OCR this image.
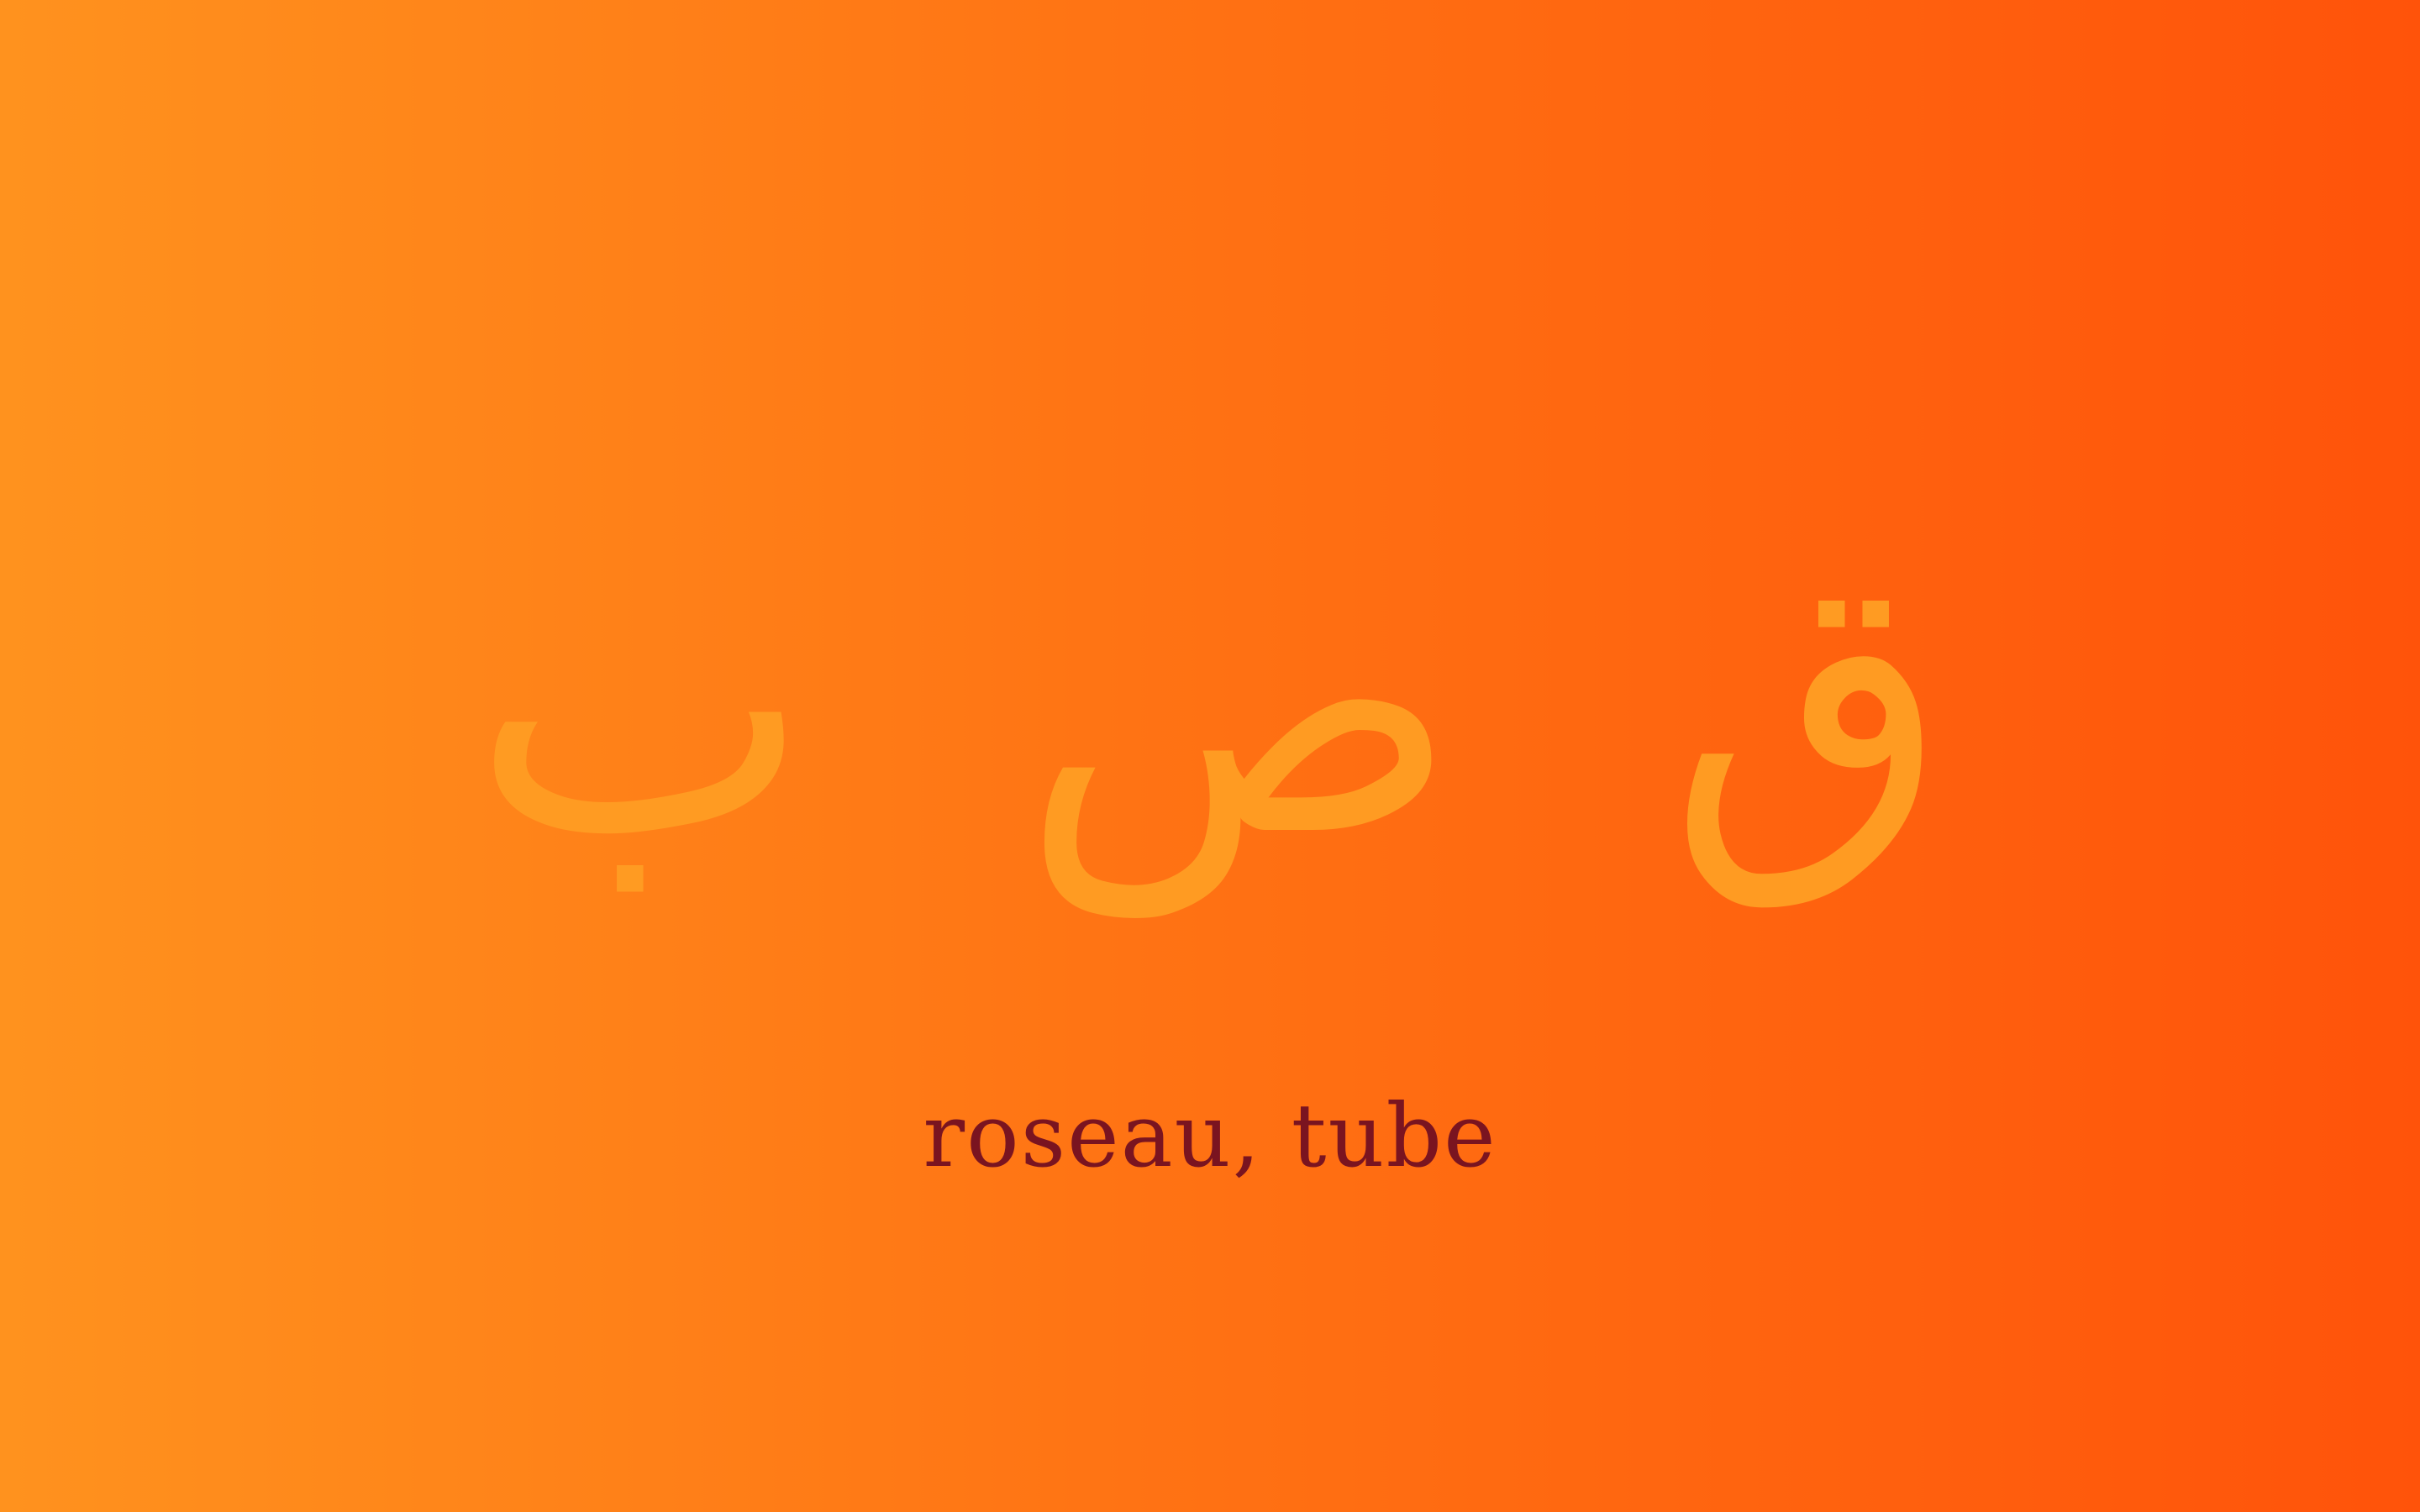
ق
ص
ب
roseau, tube
